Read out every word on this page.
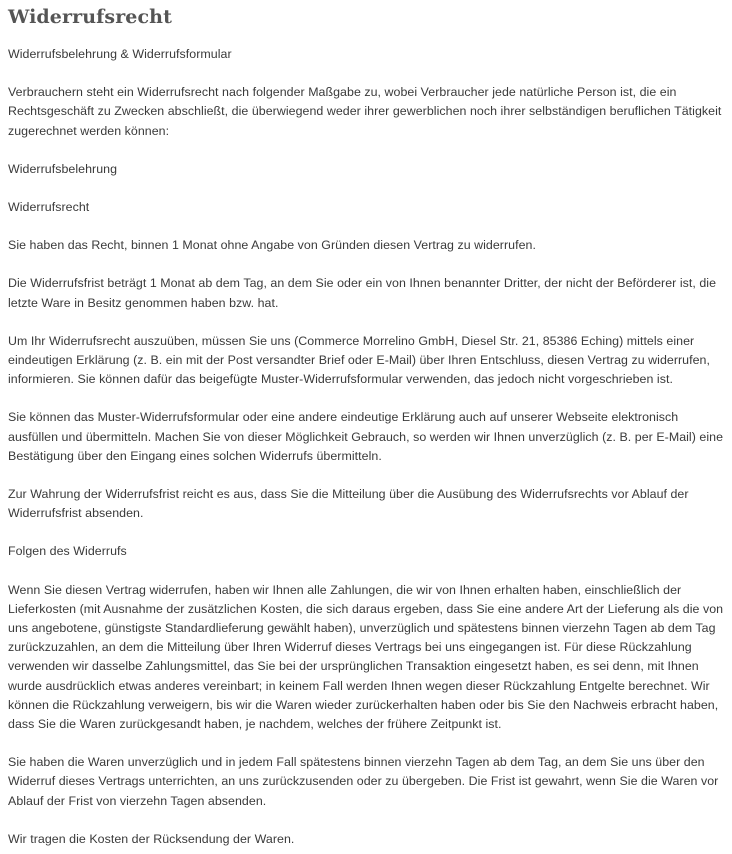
Widerrufsrecht

Widerrufsbelehrung & Widerrufsformular

Verbrauchern steht ein Widerrufsrecht nach folgender Maßgabe zu, wobei Verbraucher jede natürliche Person ist, die ein Rechtsgeschäft zu Zwecken abschließt, die überwiegend weder ihrer gewerblichen noch ihrer selbständigen beruflichen Tätigkeit zugerechnet werden können:

Widerrufsbelehrung

Widerrufsrecht

Sie haben das Recht, binnen 1 Monat ohne Angabe von Gründen diesen Vertrag zu widerrufen.

Die Widerrufsfrist beträgt 1 Monat ab dem Tag, an dem Sie oder ein von Ihnen benannter Dritter, der nicht der Beförderer ist, die letzte Ware in Besitz genommen haben bzw. hat.

Um Ihr Widerrufsrecht auszuüben, müssen Sie uns (Commerce Morrelino GmbH, Diesel Str. 21, 85386 Eching) mittels einer eindeutigen Erklärung (z. B. ein mit der Post versandter Brief oder E-Mail) über Ihren Entschluss, diesen Vertrag zu widerrufen, informieren. Sie können dafür das beigefügte Muster-Widerrufsformular verwenden, das jedoch nicht vorgeschrieben ist.

Sie können das Muster-Widerrufsformular oder eine andere eindeutige Erklärung auch auf unserer Webseite elektronisch ausfüllen und übermitteln. Machen Sie von dieser Möglichkeit Gebrauch, so werden wir Ihnen unverzüglich (z. B. per E-Mail) eine Bestätigung über den Eingang eines solchen Widerrufs übermitteln.

Zur Wahrung der Widerrufsfrist reicht es aus, dass Sie die Mitteilung über die Ausübung des Widerrufsrechts vor Ablauf der Widerrufsfrist absenden.

Folgen des Widerrufs

Wenn Sie diesen Vertrag widerrufen, haben wir Ihnen alle Zahlungen, die wir von Ihnen erhalten haben, einschließlich der Lieferkosten (mit Ausnahme der zusätzlichen Kosten, die sich daraus ergeben, dass Sie eine andere Art der Lieferung als die von uns angebotene, günstigste Standardlieferung gewählt haben), unverzüglich und spätestens binnen vierzehn Tagen ab dem Tag zurückzuzahlen, an dem die Mitteilung über Ihren Widerruf dieses Vertrags bei uns eingegangen ist. Für diese Rückzahlung verwenden wir dasselbe Zahlungsmittel, das Sie bei der ursprünglichen Transaktion eingesetzt haben, es sei denn, mit Ihnen wurde ausdrücklich etwas anderes vereinbart; in keinem Fall werden Ihnen wegen dieser Rückzahlung Entgelte berechnet. Wir können die Rückzahlung verweigern, bis wir die Waren wieder zurückerhalten haben oder bis Sie den Nachweis erbracht haben, dass Sie die Waren zurückgesandt haben, je nachdem, welches der frühere Zeitpunkt ist.

Sie haben die Waren unverzüglich und in jedem Fall spätestens binnen vierzehn Tagen ab dem Tag, an dem Sie uns über den Widerruf dieses Vertrags unterrichten, an uns zurückzusenden oder zu übergeben. Die Frist ist gewahrt, wenn Sie die Waren vor Ablauf der Frist von vierzehn Tagen absenden.

Wir tragen die Kosten der Rücksendung der Waren.
